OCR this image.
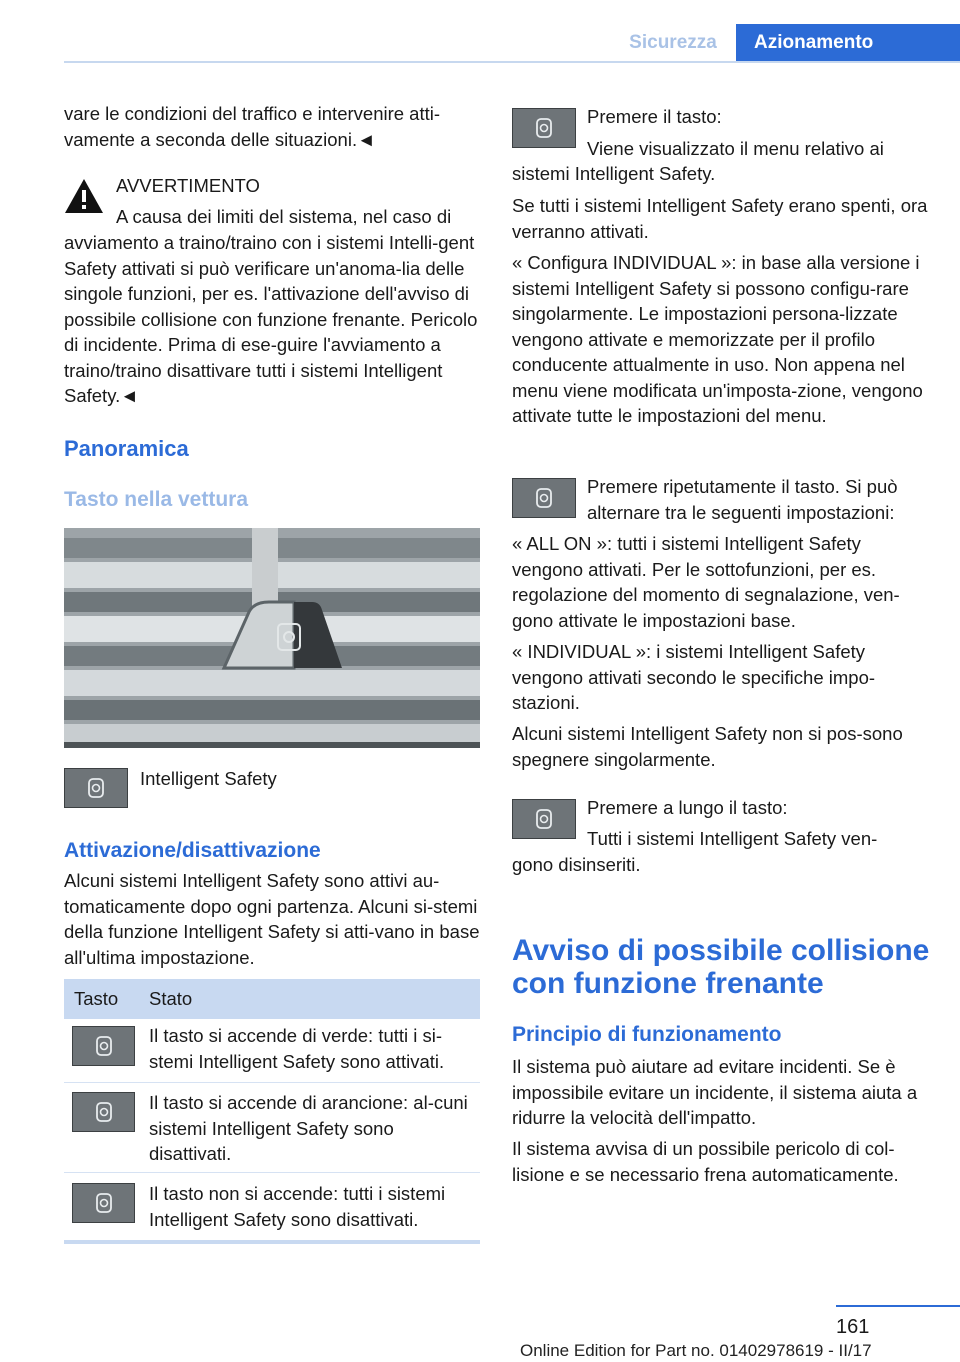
Sicurezza	Azionamento

vare le condizioni del traffico e intervenire atti-vamente a seconda delle situazioni.◄

AVVERTIMENTO

A causa dei limiti del sistema, nel caso di

avviamento a traino/traino con i sistemi Intelli-gent Safety attivati si può verificare un'anoma-lia delle singole funzioni, per es. l'attivazione dell'avviso di possibile collisione con funzione frenante. Pericolo di incidente. Prima di ese-guire l'avviamento a traino/traino disattivare tutti i sistemi Intelligent Safety.◄

Panoramica
Tasto nella vettura

Intelligent Safety

Attivazione/disattivazione

Alcuni sistemi Intelligent Safety sono attivi au-tomaticamente dopo ogni partenza. Alcuni si-stemi della funzione Intelligent Safety si atti-vano in base all'ultima impostazione.

Tasto Stato

Il tasto si accende di verde: tutti i si-stemi Intelligent Safety sono attivati.

Il tasto si accende di arancione: al-cuni sistemi Intelligent Safety sono disattivati.

Il tasto non si accende: tutti i sistemi Intelligent Safety sono disattivati.

Premere il tasto:

Viene visualizzato il menu relativo ai

sistemi Intelligent Safety.

Se tutti i sistemi Intelligent Safety erano spenti, ora verranno attivati.

« Configura INDIVIDUAL »: in base alla versione i sistemi Intelligent Safety si possono configu-rare singolarmente. Le impostazioni persona-lizzate vengono attivate e memorizzate per il profilo conducente attualmente in uso. Non appena nel menu viene modificata un'imposta-zione, vengono attivate tutte le impostazioni del menu.

Premere ripetutamente il tasto. Si può alternare tra le seguenti impostazioni:

« ALL ON »: tutti i sistemi Intelligent Safety vengono attivati. Per le sottofunzioni, per es. regolazione del momento di segnalazione, ven-gono attivate le impostazioni base.

« INDIVIDUAL »: i sistemi Intelligent Safety vengono attivati secondo le specifiche impo-stazioni.

Alcuni sistemi Intelligent Safety non si pos-sono spegnere singolarmente.

Premere a lungo il tasto:

Tutti i sistemi Intelligent Safety ven-

gono disinseriti.

Avviso di possibile collisione con funzione frenante
Principio di funzionamento

Il sistema può aiutare ad evitare incidenti. Se è impossibile evitare un incidente, il sistema aiuta a ridurre la velocità dell'impatto.

Il sistema avvisa di un possibile pericolo di col-lisione e se necessario frena automaticamente.

161
Online Edition for Part no. 01402978619 - II/17
